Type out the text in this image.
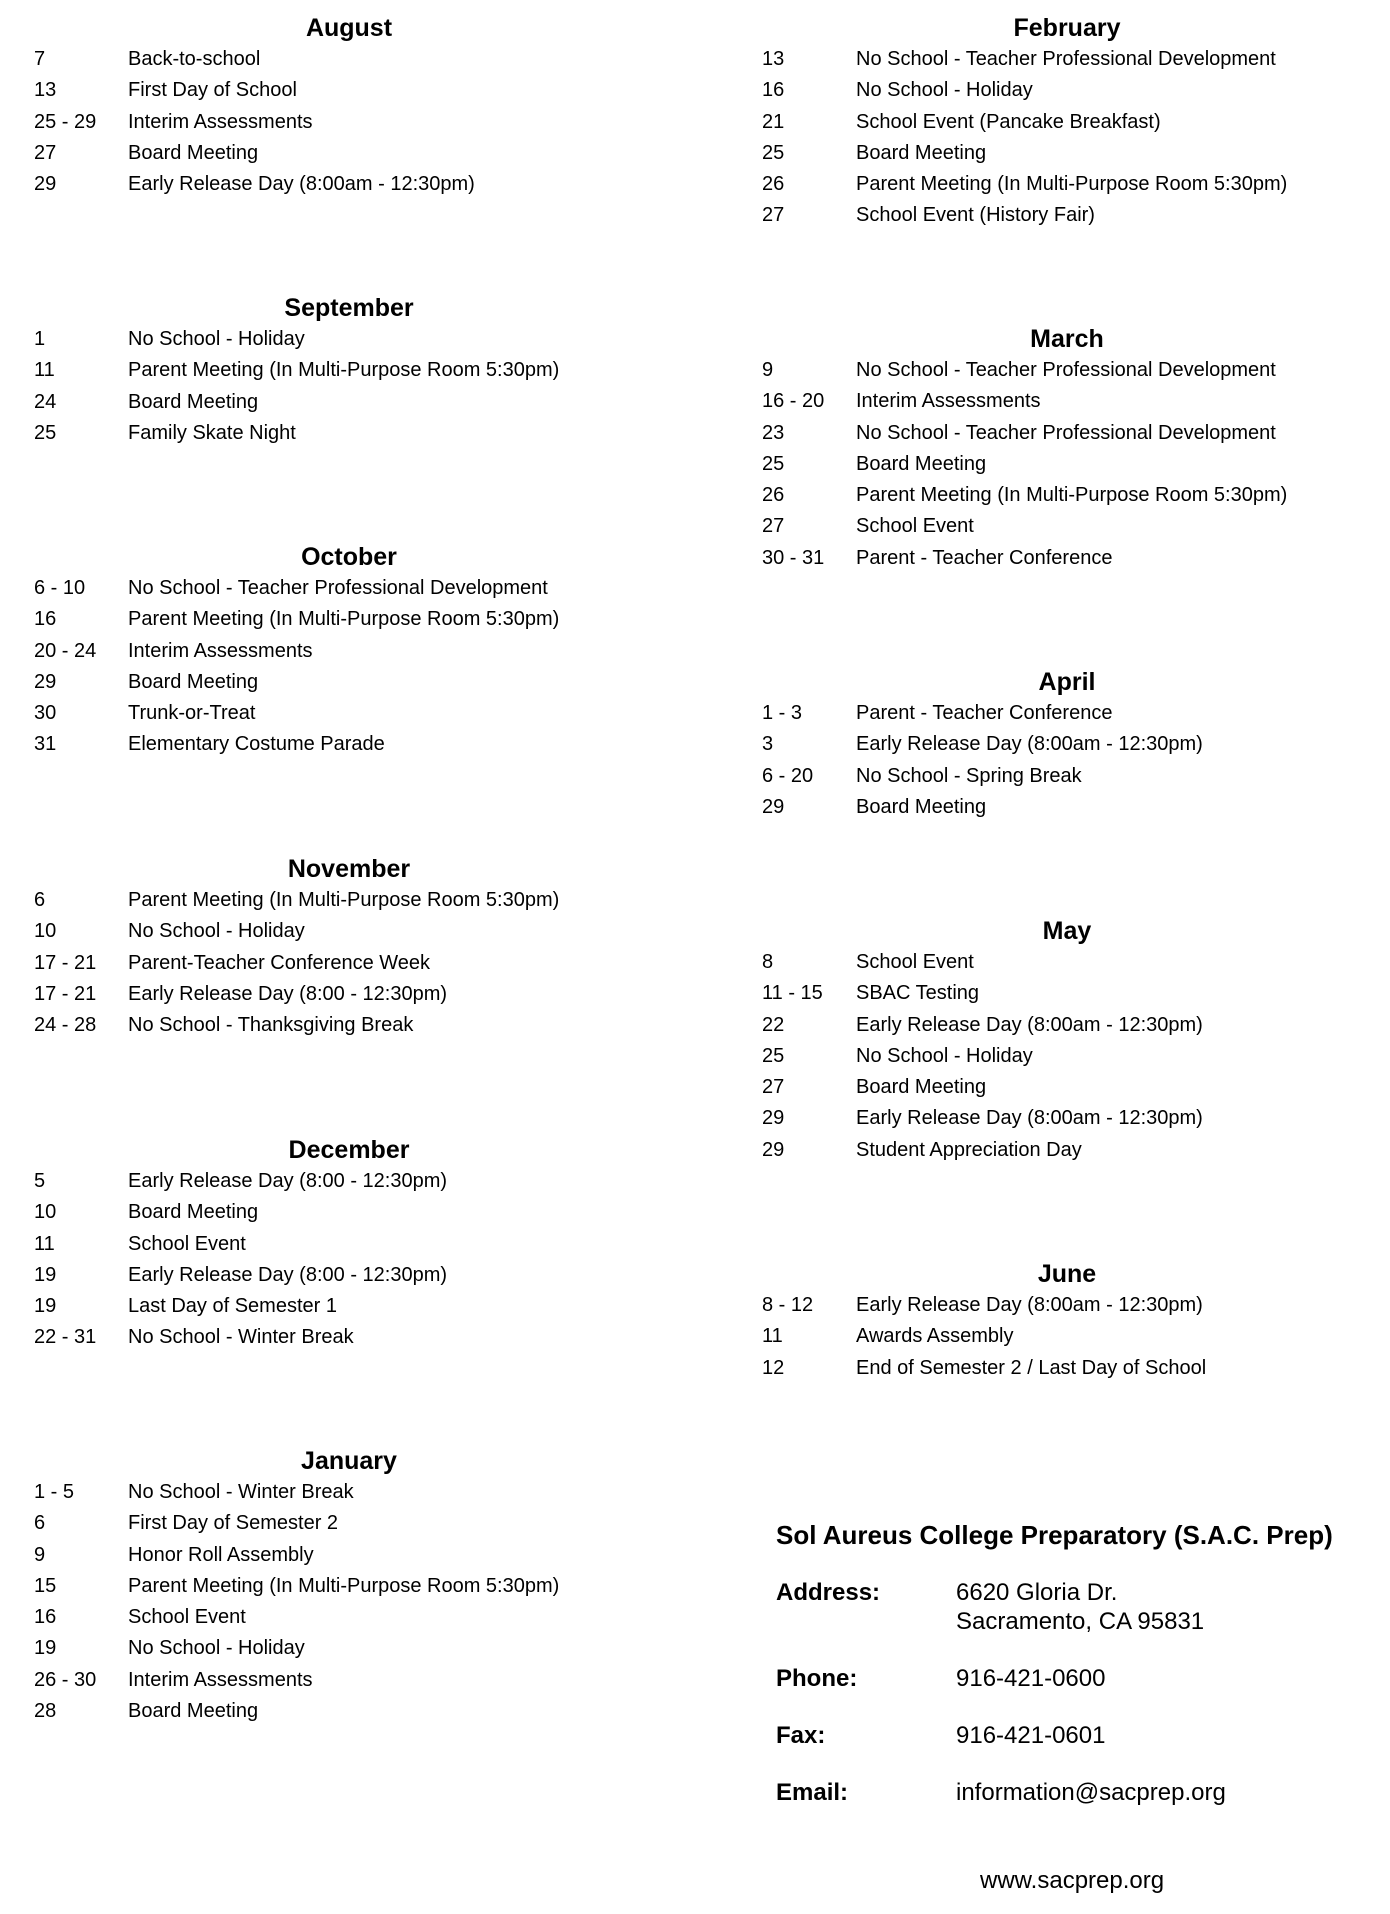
August
7	Back-to-school
13	First Day of School
25 - 29 Interim Assessments
27	Board Meeting
29	Early Release Day (8:00am - 12:30pm)
September
1	No School - Holiday
11	Parent Meeting (In Multi-Purpose Room 5:30pm)
24	Board Meeting
25	Family Skate Night
October
6 - 10 No School - Teacher Professional Development
16	Parent Meeting (In Multi-Purpose Room 5:30pm)
20 - 24 Interim Assessments
29	Board Meeting
30	Trunk-or-Treat
31	Elementary Costume Parade
November
6	Parent Meeting (In Multi-Purpose Room 5:30pm)
10	No School - Holiday
17 - 21 Parent-Teacher Conference Week
17 - 21 Early Release Day (8:00 - 12:30pm)
24 - 28 No School - Thanksgiving Break
December
5	Early Release Day (8:00 - 12:30pm)
10	Board Meeting
11	School Event
19	Early Release Day (8:00 - 12:30pm)
19	Last Day of Semester 1
22 - 31 No School - Winter Break
January
1 - 5	No School - Winter Break
6	First Day of Semester 2
9	Honor Roll Assembly
15	Parent Meeting (In Multi-Purpose Room 5:30pm)
16	School Event
19	No School - Holiday
26 - 30 Interim Assessments
28	Board Meeting
February
13	No School - Teacher Professional Development
16	No School - Holiday
21	School Event (Pancake Breakfast)
25	Board Meeting
26	Parent Meeting (In Multi-Purpose Room 5:30pm)
27	School Event (History Fair)
March
9	No School - Teacher Professional Development
16 - 20 Interim Assessments
23	No School - Teacher Professional Development
25	Board Meeting
26	Parent Meeting (In Multi-Purpose Room 5:30pm)
27	School Event
30 - 31 Parent - Teacher Conference
April
1 - 3	Parent - Teacher Conference
3	Early Release Day (8:00am - 12:30pm)
6 - 20 No School - Spring Break
29	Board Meeting
May
8	School Event
11 - 15 SBAC Testing
22	Early Release Day (8:00am - 12:30pm)
25	No School - Holiday
27	Board Meeting
29	Early Release Day (8:00am - 12:30pm)
29	Student Appreciation Day
June
8 - 12 Early Release Day (8:00am - 12:30pm)
11	Awards Assembly
12	End of Semester 2 / Last Day of School
Sol Aureus College Preparatory (S.A.C. Prep)
Address:	6620 Gloria Dr.
Sacramento, CA 95831
Phone:	916-421-0600
Fax:	916-421-0601
Email:	information@sacprep.org
www.sacprep.org
